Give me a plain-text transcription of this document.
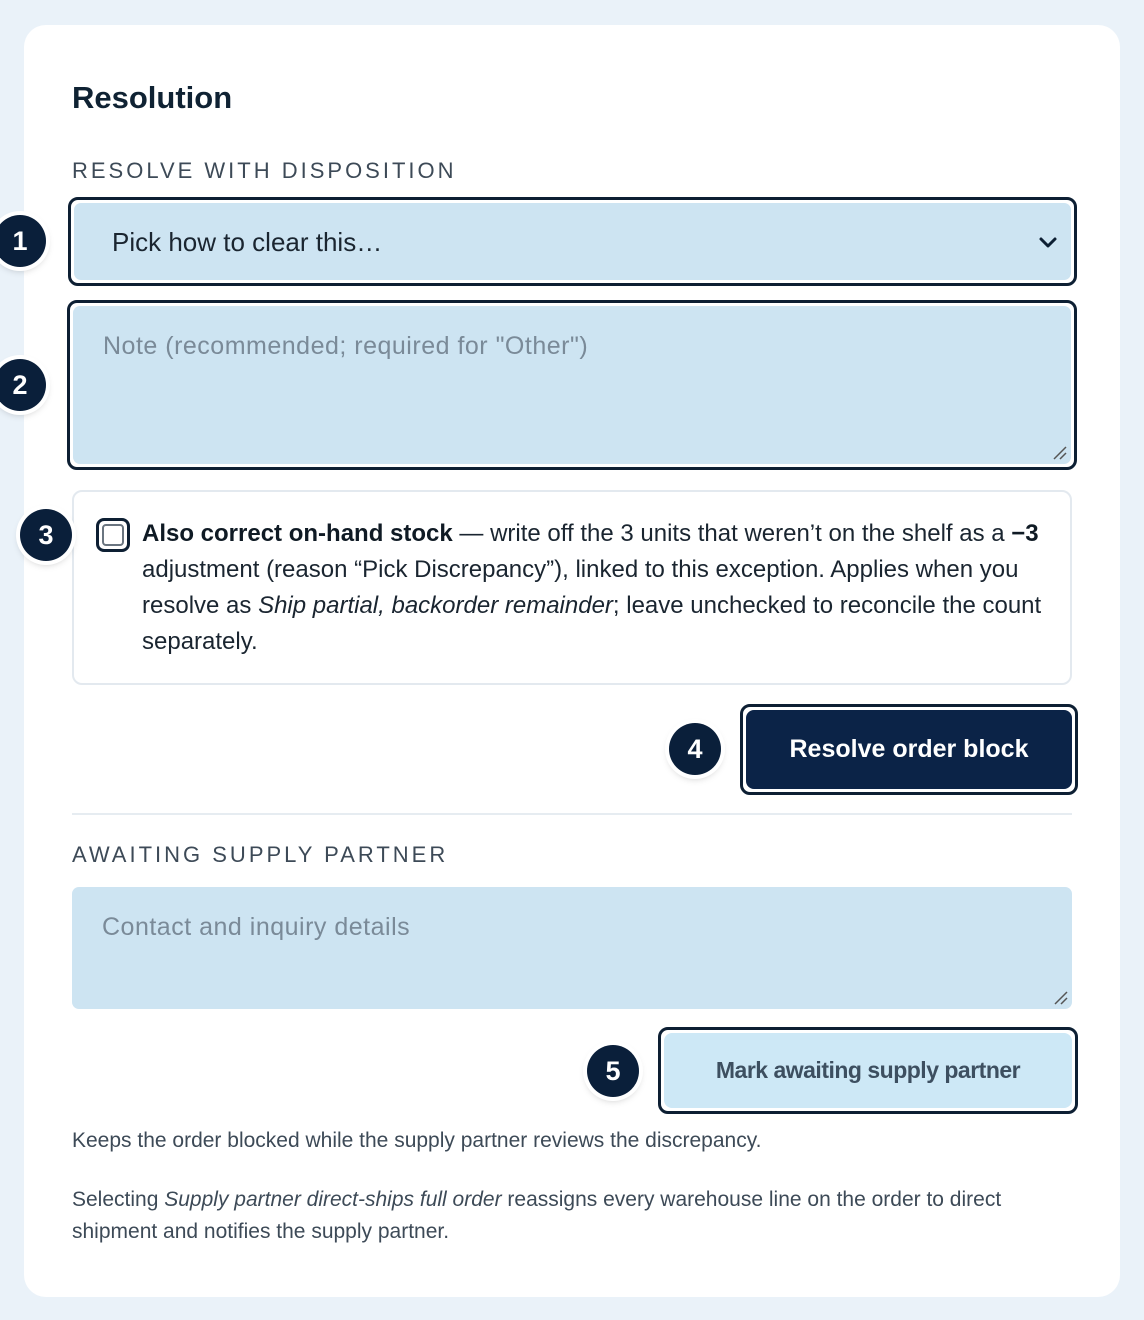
Resolution
RESOLVE WITH DISPOSITION
Pick how to clear this…
1
Note (recommended; required for "Other")
2
Also correct on-hand stock — write off the 3 units that weren’t on the shelf as a −3 adjustment (reason “Pick Discrepancy”), linked to this exception. Applies when you resolve as Ship partial, backorder remainder; leave unchecked to reconcile the count separately.
3
Resolve order block
4
AWAITING SUPPLY PARTNER
Contact and inquiry details
Mark awaiting supply partner
5
Keeps the order blocked while the supply partner reviews the discrepancy.
Selecting Supply partner direct-ships full order reassigns every warehouse line on the order to direct shipment and notifies the supply partner.
